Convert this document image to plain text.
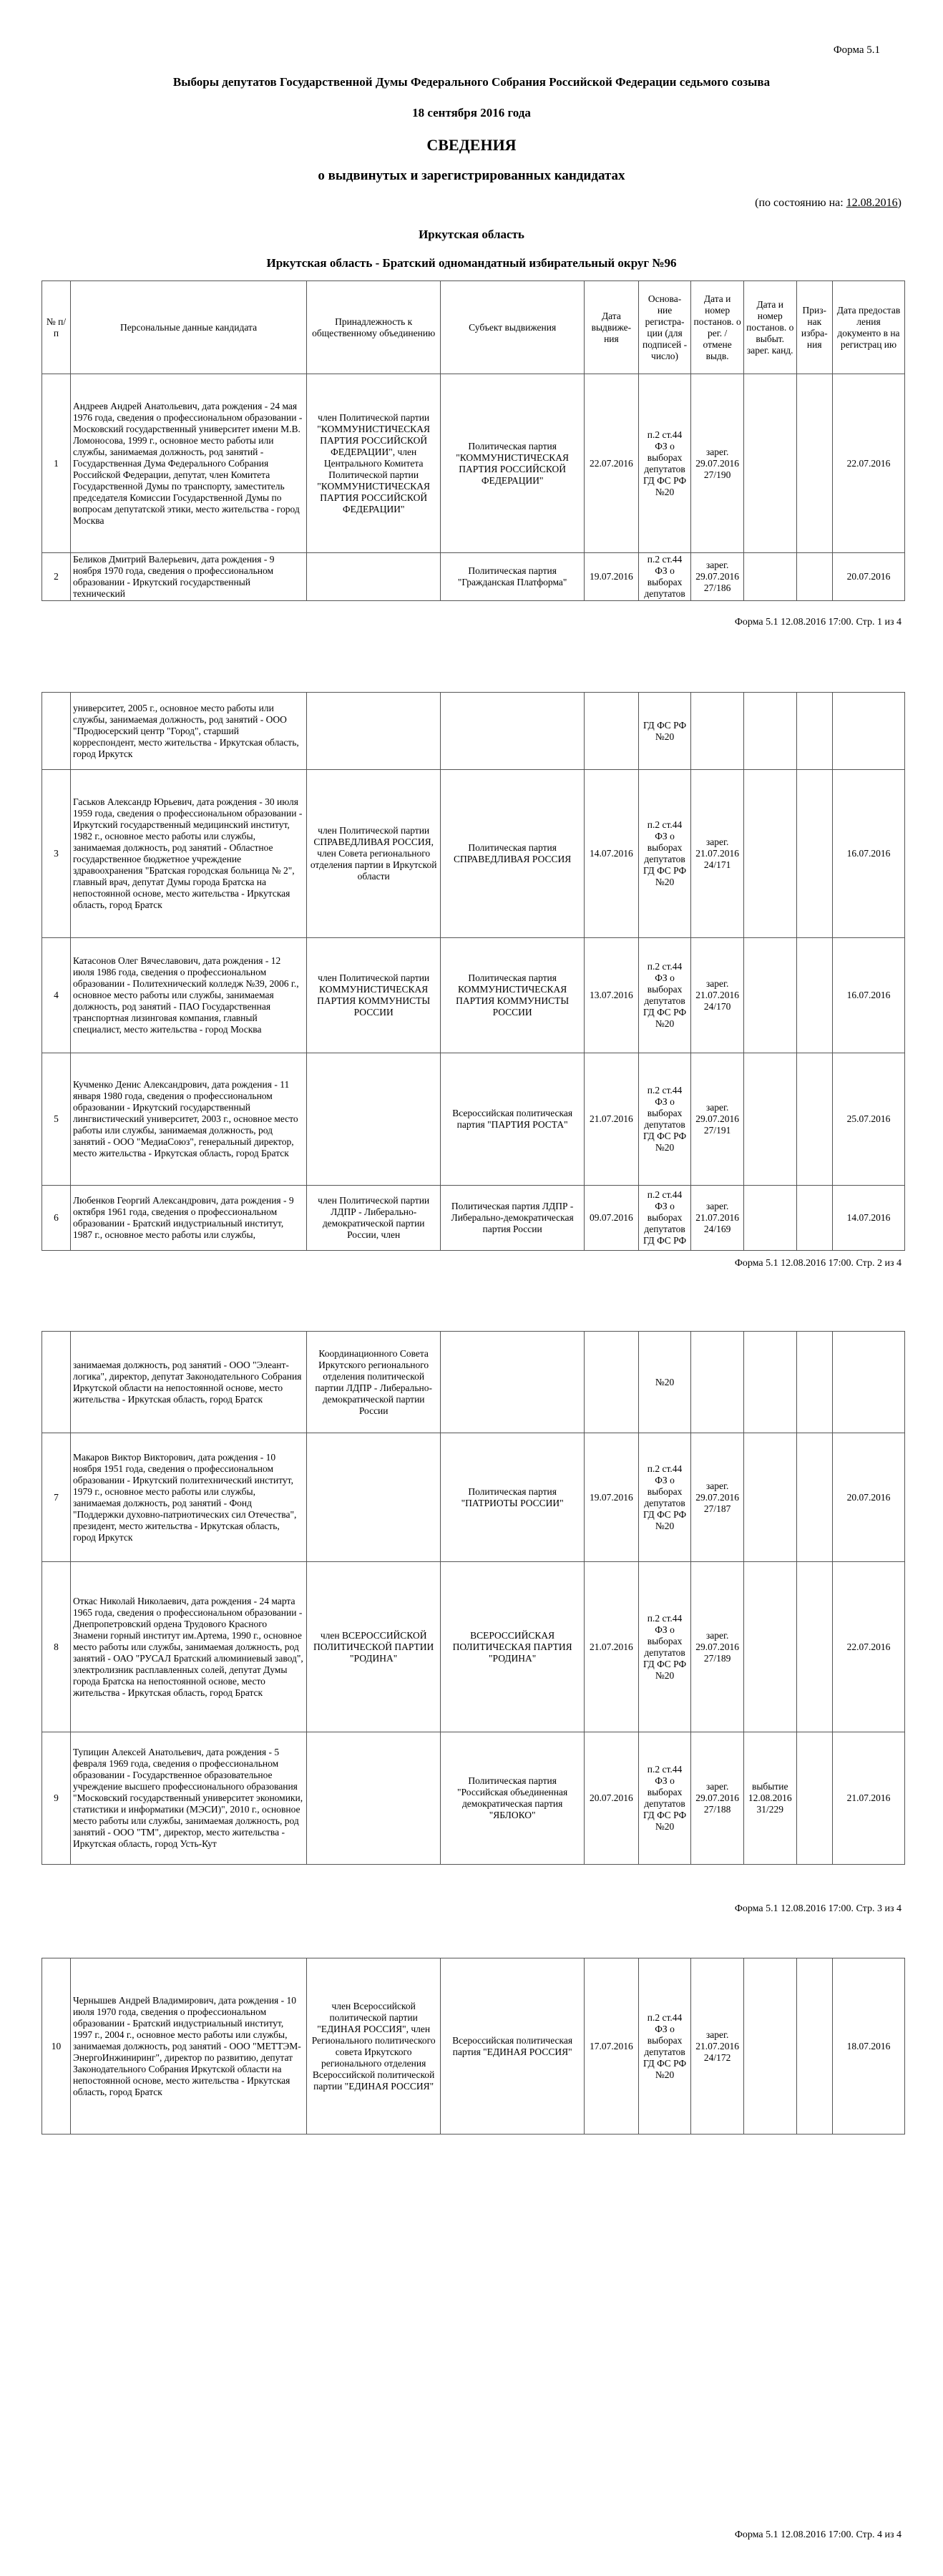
Форма 5.1
Выборы депутатов Государственной Думы Федерального Собрания Российской Федерации седьмого созыва
18 сентября 2016 года
СВЕДЕНИЯ
о выдвинутых и зарегистрированных кандидатах
(по состоянию на: 12.08.2016)
Иркутская область
Иркутская область - Братский одномандатный избирательный округ №96
№ п/п	Персональные данные кандидата	Принадлежность к общественному объединению	Субъект выдвижения	Дата выдвиже-ния	Основа-ние регистра-ции (для подписей - число)	Дата и номер постанов. о рег. / отмене выдв.	Дата и номер постанов. о выбыт. зарег. канд.	Приз-нак избра-ния	Дата предостав ления документо в на регистрац ию
1	Андреев Андрей Анатольевич, дата рождения - 24 мая 1976 года, сведения о профессиональном образовании - Московский государственный университет имени М.В. Ломоносова, 1999 г., основное место работы или службы, занимаемая должность, род занятий - Государственная Дума Федерального Собрания Российской Федерации, депутат, член Комитета Государственной Думы по транспорту, заместитель председателя Комиссии Государственной Думы по вопросам депутатской этики, место жительства - город Москва	член Политической партии "КОММУНИСТИЧЕСКАЯ ПАРТИЯ РОССИЙСКОЙ ФЕДЕРАЦИИ", член Центрального Комитета Политической партии "КОММУНИСТИЧЕСКАЯ ПАРТИЯ РОССИЙСКОЙ ФЕДЕРАЦИИ"	Политическая партия "КОММУНИСТИЧЕСКАЯ ПАРТИЯ РОССИЙСКОЙ ФЕДЕРАЦИИ"	22.07.2016	п.2 ст.44 ФЗ о выборах депутатов ГД ФС РФ №20	зарег. 29.07.2016 27/190			22.07.2016
2	Беликов Дмитрий Валерьевич, дата рождения - 9 ноября 1970 года, сведения о профессиональном образовании - Иркутский государственный технический		Политическая партия "Гражданская Платформа"	19.07.2016	п.2 ст.44 ФЗ о выборах депутатов	зарег. 29.07.2016 27/186			20.07.2016
Форма 5.1 12.08.2016 17:00. Стр. 1 из 4
	университет, 2005 г., основное место работы или службы, занимаемая должность, род занятий - ООО "Продюсерский центр "Город", старший корреспондент, место жительства - Иркутская область, город Иркутск				ГД ФС РФ №20				
3	Гаськов Александр Юрьевич, дата рождения - 30 июля 1959 года, сведения о профессиональном образовании - Иркутский государственный медицинский институт, 1982 г., основное место работы или службы, занимаемая должность, род занятий - Областное государственное бюджетное учреждение здравоохранения "Братская городская больница № 2", главный врач, депутат Думы города Братска на непостоянной основе, место жительства - Иркутская область, город Братск	член Политической партии СПРАВЕДЛИВАЯ РОССИЯ, член Совета регионального отделения партии в Иркутской области	Политическая партия СПРАВЕДЛИВАЯ РОССИЯ	14.07.2016	п.2 ст.44 ФЗ о выборах депутатов ГД ФС РФ №20	зарег. 21.07.2016 24/171			16.07.2016
4	Катасонов Олег Вячеславович, дата рождения - 12 июля 1986 года, сведения о профессиональном образовании - Политехнический колледж №39, 2006 г., основное место работы или службы, занимаемая должность, род занятий - ПАО Государственная транспортная лизинговая компания, главный специалист, место жительства - город Москва	член Политической партии КОММУНИСТИЧЕСКАЯ ПАРТИЯ КОММУНИСТЫ РОССИИ	Политическая партия КОММУНИСТИЧЕСКАЯ ПАРТИЯ КОММУНИСТЫ РОССИИ	13.07.2016	п.2 ст.44 ФЗ о выборах депутатов ГД ФС РФ №20	зарег. 21.07.2016 24/170			16.07.2016
5	Кучменко Денис Александрович, дата рождения - 11 января 1980 года, сведения о профессиональном образовании - Иркутский государственный лингвистический университет, 2003 г., основное место работы или службы, занимаемая должность, род занятий - ООО "МедиаСоюз", генеральный директор, место жительства - Иркутская область, город Братск		Всероссийская политическая партия "ПАРТИЯ РОСТА"	21.07.2016	п.2 ст.44 ФЗ о выборах депутатов ГД ФС РФ №20	зарег. 29.07.2016 27/191			25.07.2016
6	Любенков Георгий Александрович, дата рождения - 9 октября 1961 года, сведения о профессиональном образовании - Братский индустриальный институт, 1987 г., основное место работы или службы,	член Политической партии ЛДПР - Либерально-демократической партии России, член	Политическая партия ЛДПР - Либерально-демократическая партия России	09.07.2016	п.2 ст.44 ФЗ о выборах депутатов ГД ФС РФ	зарег. 21.07.2016 24/169			14.07.2016
Форма 5.1 12.08.2016 17:00. Стр. 2 из 4
	занимаемая должность, род занятий - ООО "Элеант-логика", директор, депутат Законодательного Собрания Иркутской области на непостоянной основе, место жительства - Иркутская область, город Братск	Координационного Совета Иркутского регионального отделения политической партии ЛДПР - Либерально-демократической партии России			№20				
7	Макаров Виктор Викторович, дата рождения - 10 ноября 1951 года, сведения о профессиональном образовании - Иркутский политехнический институт, 1979 г., основное место работы или службы, занимаемая должность, род занятий - Фонд "Поддержки духовно-патриотических сил Отечества", президент, место жительства - Иркутская область, город Иркутск		Политическая партия "ПАТРИОТЫ РОССИИ"	19.07.2016	п.2 ст.44 ФЗ о выборах депутатов ГД ФС РФ №20	зарег. 29.07.2016 27/187			20.07.2016
8	Откас Николай Николаевич, дата рождения - 24 марта 1965 года, сведения о профессиональном образовании - Днепропетровский ордена Трудового Красного Знамени горный институт им.Артема, 1990 г., основное место работы или службы, занимаемая должность, род занятий - ОАО "РУСАЛ Братский алюминиевый завод", электролизник расплавленных солей, депутат Думы города Братска на непостоянной основе, место жительства - Иркутская область, город Братск	член ВСЕРОССИЙСКОЙ ПОЛИТИЧЕСКОЙ ПАРТИИ "РОДИНА"	ВСЕРОССИЙСКАЯ ПОЛИТИЧЕСКАЯ ПАРТИЯ "РОДИНА"	21.07.2016	п.2 ст.44 ФЗ о выборах депутатов ГД ФС РФ №20	зарег. 29.07.2016 27/189			22.07.2016
9	Тупицин Алексей Анатольевич, дата рождения - 5 февраля 1969 года, сведения о профессиональном образовании - Государственное образовательное учреждение высшего профессионального образования "Московский государственный университет экономики, статистики и информатики (МЭСИ)", 2010 г., основное место работы или службы, занимаемая должность, род занятий - ООО "ТМ", директор, место жительства - Иркутская область, город Усть-Кут		Политическая партия "Российская объединенная демократическая партия "ЯБЛОКО"	20.07.2016	п.2 ст.44 ФЗ о выборах депутатов ГД ФС РФ №20	зарег. 29.07.2016 27/188	выбытие 12.08.2016 31/229		21.07.2016
Форма 5.1 12.08.2016 17:00. Стр. 3 из 4
10	Чернышев Андрей Владимирович, дата рождения - 10 июля 1970 года, сведения о профессиональном образовании - Братский индустриальный институт, 1997 г., 2004 г., основное место работы или службы, занимаемая должность, род занятий - ООО "МЕТТЭМ-ЭнергоИнжиниринг", директор по развитию, депутат Законодательного Собрания Иркутской области на непостоянной основе, место жительства - Иркутская область, город Братск	член Всероссийской политической партии "ЕДИНАЯ РОССИЯ", член Регионального политического совета Иркутского регионального отделения Всероссийской политической партии "ЕДИНАЯ РОССИЯ"	Всероссийская политическая партия "ЕДИНАЯ РОССИЯ"	17.07.2016	п.2 ст.44 ФЗ о выборах депутатов ГД ФС РФ №20	зарег. 21.07.2016 24/172			18.07.2016
Форма 5.1 12.08.2016 17:00. Стр. 4 из 4
